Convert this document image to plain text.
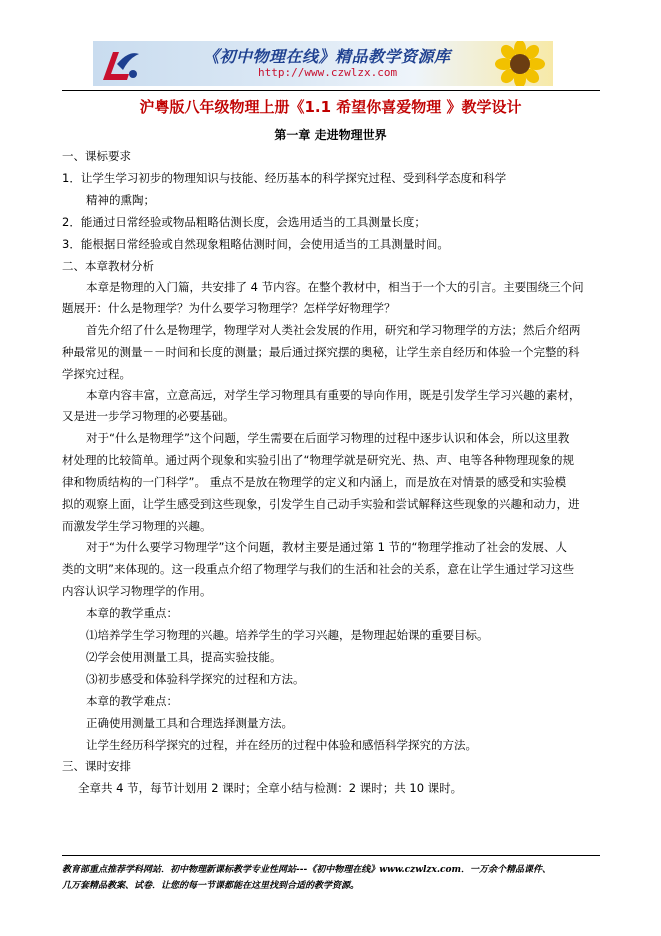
《初中物理在线》精品教学资源库
http://www.czwlzx.com
沪粤版八年级物理上册《1.1 希望你喜爱物理 》教学设计
第一章 走进物理世界
一、课标要求
1．让学生学习初步的物理知识与技能、经历基本的科学探究过程、受到科学态度和科学
精神的熏陶；
2．能通过日常经验或物品粗略估测长度，会选用适当的工具测量长度；
3．能根据日常经验或自然现象粗略估测时间，会使用适当的工具测量时间。
二、本章教材分析
本章是物理的入门篇，共安排了 4 节内容。在整个教材中，相当于一个大的引言。主要围绕三个问
题展开：什么是物理学？为什么要学习物理学？怎样学好物理学？
首先介绍了什么是物理学，物理学对人类社会发展的作用，研究和学习物理学的方法；然后介绍两
种最常见的测量－－时间和长度的测量；最后通过探究摆的奥秘，让学生亲自经历和体验一个完整的科
学探究过程。
本章内容丰富，立意高远，对学生学习物理具有重要的导向作用，既是引发学生学习兴趣的素材，
又是进一步学习物理的必要基础。
对于“什么是物理学”这个问题，学生需要在后面学习物理的过程中逐步认识和体会，所以这里教
材处理的比较简单。通过两个现象和实验引出了“物理学就是研究光、热、声、电等各种物理现象的规
律和物质结构的一门科学”。 重点不是放在物理学的定义和内涵上，而是放在对情景的感受和实验模
拟的观察上面，让学生感受到这些现象，引发学生自己动手实验和尝试解释这些现象的兴趣和动力，进
而激发学生学习物理的兴趣。
对于“为什么要学习物理学”这个问题，教材主要是通过第 1 节的“物理学推动了社会的发展、人
类的文明”来体现的。这一段重点介绍了物理学与我们的生活和社会的关系，意在让学生通过学习这些
内容认识学习物理学的作用。
本章的教学重点：
⑴培养学生学习物理的兴趣。培养学生的学习兴趣，是物理起始课的重要目标。
⑵学会使用测量工具，提高实验技能。
⑶初步感受和体验科学探究的过程和方法。
本章的教学难点：
正确使用测量工具和合理选择测量方法。
让学生经历科学探究的过程，并在经历的过程中体验和感悟科学探究的方法。
三、课时安排
全章共 4 节，每节计划用 2 课时；全章小结与检测：2 课时；共 10 课时。
教育部重点推荐学科网站．初中物理新课标教学专业性网站---《初中物理在线》www.czwlzx.com．一万余个精品课件、
几万套精品教案、试卷．让您的每一节课都能在这里找到合适的教学资源。
